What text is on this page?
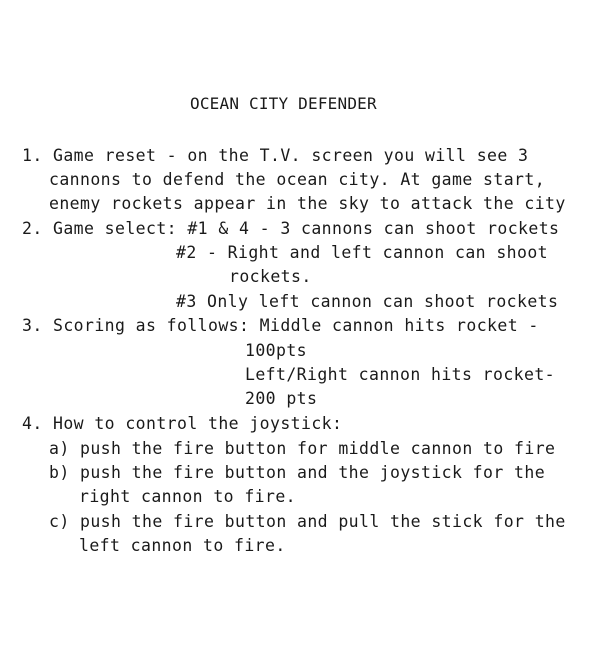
OCEAN CITY DEFENDER
1. Game reset - on the T.V. screen you will see 3
cannons to defend the ocean city. At game start,
enemy rockets appear in the sky to attack the city
2. Game select: #1 & 4 - 3 cannons can shoot rockets
#2 - Right and left cannon can shoot
rockets.
#3 Only left cannon can shoot rockets
3. Scoring as follows: Middle cannon hits rocket -
100pts
Left/Right cannon hits rocket-
200 pts
4. How to control the joystick:
a) push the fire button for middle cannon to fire
b) push the fire button and the joystick for the
right cannon to fire.
c) push the fire button and pull the stick for the
left cannon to fire.
